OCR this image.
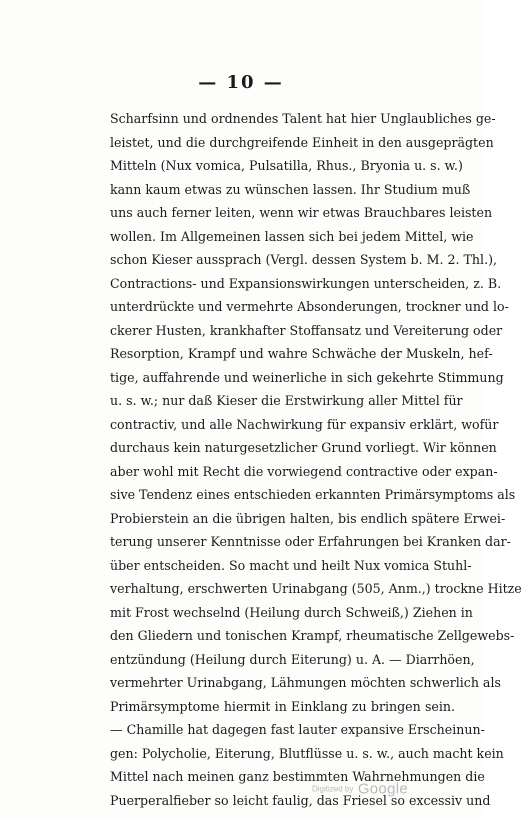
— 10 —
Scharfsinn und ordnendes Talent hat hier Unglaubliches ge-
leistet, und die durchgreifende Einheit in den ausgeprägten
Mitteln (Nux vomica, Pulsatilla, Rhus., Bryonia u. s. w.)
kann kaum etwas zu wünschen lassen. Ihr Studium muß
uns auch ferner leiten, wenn wir etwas Brauchbares leisten
wollen. Im Allgemeinen lassen sich bei jedem Mittel, wie
schon Kieser aussprach (Vergl. dessen System b. M. 2. Thl.),
Contractions- und Expansionswirkungen unterscheiden, z. B.
unterdrückte und vermehrte Absonderungen, trockner und lo-
ckerer Husten, krankhafter Stoffansatz und Vereiterung oder
Resorption, Krampf und wahre Schwäche der Muskeln, hef-
tige, auffahrende und weinerliche in sich gekehrte Stimmung
u. s. w.; nur daß Kieser die Erstwirkung aller Mittel für
contractiv, und alle Nachwirkung für expansiv erklärt, wofür
durchaus kein naturgesetzlicher Grund vorliegt. Wir können
aber wohl mit Recht die vorwiegend contractive oder expan-
sive Tendenz eines entschieden erkannten Primärsymptoms als
Probierstein an die übrigen halten, bis endlich spätere Erwei-
terung unserer Kenntnisse oder Erfahrungen bei Kranken dar-
über entscheiden. So macht und heilt Nux vomica Stuhl-
verhaltung, erschwerten Urinabgang (505, Anm.,) trockne Hitze
mit Frost wechselnd (Heilung durch Schweiß,) Ziehen in
den Gliedern und tonischen Krampf, rheumatische Zellgewebs-
entzündung (Heilung durch Eiterung) u. A. — Diarrhöen,
vermehrter Urinabgang, Lähmungen möchten schwerlich als
Primärsymptome hiermit in Einklang zu bringen sein.
— Chamille hat dagegen fast lauter expansive Erscheinun-
gen: Polycholie, Eiterung, Blutflüsse u. s. w., auch macht kein
Mittel nach meinen ganz bestimmten Wahrnehmungen die
Puerperalfieber so leicht faulig, das Friesel so excessiv und
Digitized by Google
